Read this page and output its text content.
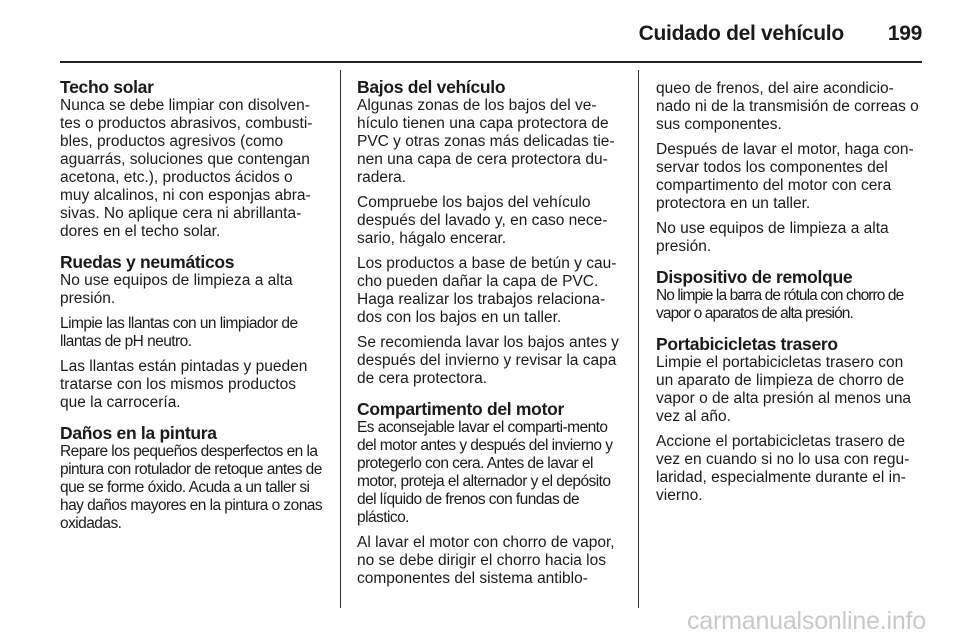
Cuidado del vehículo 199
Techo solar

Nunca se debe limpiar con disolven-tes o productos abrasivos, combusti-bles, productos agresivos (como aguarrás, soluciones que contengan acetona, etc.), productos ácidos o muy alcalinos, ni con esponjas abra-sivas. No aplique cera ni abrillanta-dores en el techo solar.

Ruedas y neumáticos

No use equipos de limpieza a alta presión.

Limpie las llantas con un limpiador de llantas de pH neutro.

Las llantas están pintadas y pueden tratarse con los mismos productos que la carrocería.

Daños en la pintura

Repare los pequeños desperfectos en la pintura con rotulador de retoque antes de que se forme óxido. Acuda a un taller si hay daños mayores en la pintura o zonas oxidadas.

Bajos del vehículo

Algunas zonas de los bajos del ve-hículo tienen una capa protectora de PVC y otras zonas más delicadas tie-nen una capa de cera protectora du-radera.

Compruebe los bajos del vehículo después del lavado y, en caso nece-sario, hágalo encerar.

Los productos a base de betún y cau-cho pueden dañar la capa de PVC. Haga realizar los trabajos relaciona-dos con los bajos en un taller.

Se recomienda lavar los bajos antes y después del invierno y revisar la capa de cera protectora.

Compartimento del motor

Es aconsejable lavar el comparti-mento del motor antes y después del invierno y protegerlo con cera. Antes de lavar el motor, proteja el alternador y el depósito del líquido de frenos con fundas de plástico.

Al lavar el motor con chorro de vapor, no se debe dirigir el chorro hacia los componentes del sistema antiblo-

queo de frenos, del aire acondicio-nado ni de la transmisión de correas o sus componentes.

Después de lavar el motor, haga con-servar todos los componentes del compartimento del motor con cera protectora en un taller.

No use equipos de limpieza a alta presión.

Dispositivo de remolque

No limpie la barra de rótula con chorro de vapor o aparatos de alta presión.

Portabicicletas trasero

Limpie el portabicicletas trasero con un aparato de limpieza de chorro de vapor o de alta presión al menos una vez al año.

Accione el portabicicletas trasero de vez en cuando si no lo usa con regu-laridad, especialmente durante el in-vierno.

carmanualsonline.info
